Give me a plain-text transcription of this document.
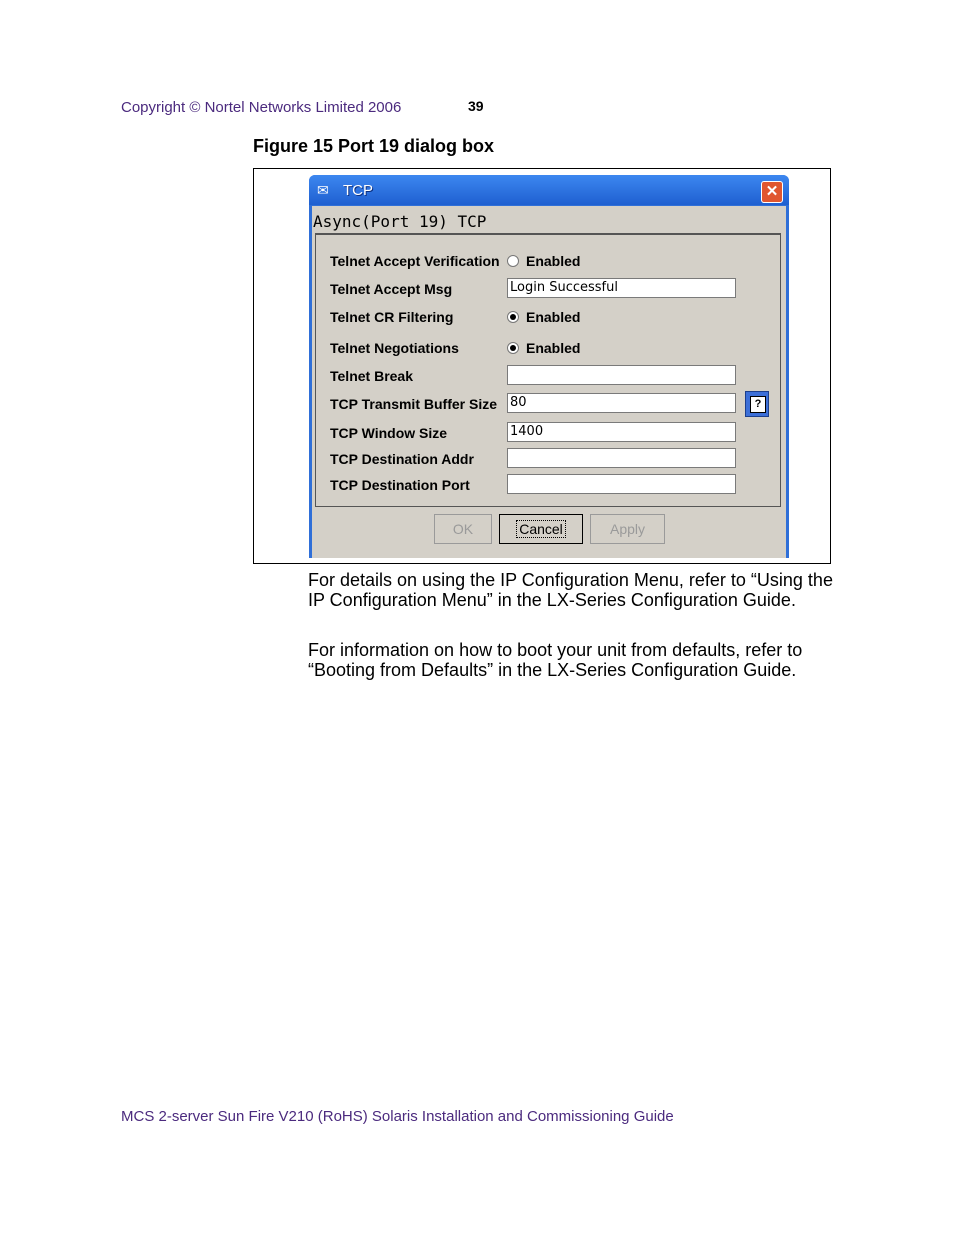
Copyright © Nortel Networks Limited 2006	39
Figure 15 Port 19 dialog box
✉ TCP	✕
Async(Port 19) TCP
Telnet Accept Verification Enabled
Telnet Accept Msg	Login Successful
Telnet CR Filtering	Enabled
Telnet Negotiations	Enabled
Telnet Break
TCP Transmit Buffer Size 80	?
TCP Window Size	1400
TCP Destination Addr
TCP Destination Port
OK	Cancel	Apply
For details on using the IP Configuration Menu, refer to “Using the IP Configuration Menu” in the LX-Series Configuration Guide.
For information on how to boot your unit from defaults, refer to “Booting from Defaults” in the LX-Series Configuration Guide.
MCS 2-server Sun Fire V210 (RoHS) Solaris Installation and Commissioning Guide
